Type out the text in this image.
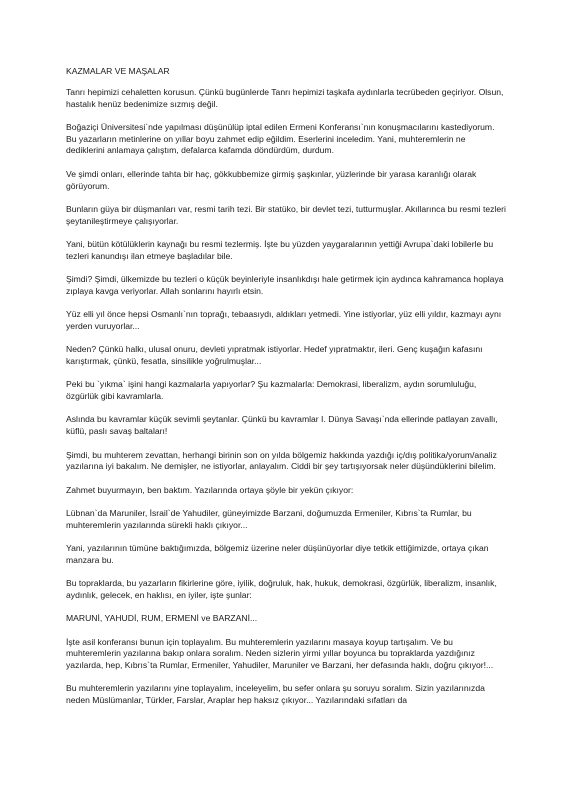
KAZMALAR VE MAŞALAR

Tanrı hepimizi cehaletten korusun. Çünkü bugünlerde Tanrı hepimizi taşkafa aydınlarla tecrübeden geçiriyor. Olsun, hastalık henüz bedenimize sızmış değil.

Boğaziçi Üniversitesi`nde yapılması düşünülüp iptal edilen Ermeni Konferansı`nın konuşmacılarını kastediyorum. Bu yazarların metinlerine on yıllar boyu zahmet edip eğildim. Eserlerini inceledim. Yani, muhteremlerin ne dediklerini anlamaya çalıştım, defalarca kafamda döndürdüm, durdum.

Ve şimdi onları, ellerinde tahta bir haç, gökkubbemize girmiş şaşkınlar, yüzlerinde bir yarasa karanlığı olarak görüyorum.

Bunların güya bir düşmanları var, resmi tarih tezi. Bir statüko, bir devlet tezi, tutturmuşlar. Akıllarınca bu resmi tezleri şeytanileştirmeye çalışıyorlar.

Yani, bütün kötülüklerin kaynağı bu resmi tezlermiş. İşte bu yüzden yaygaralarının yettiği Avrupa`daki lobilerle bu tezleri kanundışı ilan etmeye başladılar bile.

Şimdi? Şimdi, ülkemizde bu tezleri o küçük beyinleriyle insanlıkdışı hale getirmek için aydınca kahramanca hoplaya zıplaya kavga veriyorlar. Allah sonlarını hayırlı etsin.

Yüz elli yıl önce hepsi Osmanlı`nın toprağı, tebaasıydı, aldıkları yetmedi. Yine istiyorlar, yüz elli yıldır, kazmayı aynı yerden vuruyorlar...

Neden? Çünkü halkı, ulusal onuru, devleti yıpratmak istiyorlar. Hedef yıpratmaktır, ileri. Genç kuşağın kafasını karıştırmak, çünkü, fesatla, sinsilikle yoğrulmuşlar...

Peki bu `yıkma` işini hangi kazmalarla yapıyorlar? Şu kazmalarla: Demokrasi, liberalizm, aydın sorumluluğu, özgürlük gibi kavramlarla.

Aslında bu kavramlar küçük sevimli şeytanlar. Çünkü bu kavramlar I. Dünya Savaşı`nda ellerinde patlayan zavallı, küflü, paslı savaş baltaları!

Şimdi, bu muhterem zevattan, herhangi birinin son on yılda bölgemiz hakkında yazdığı iç/dış politika/yorum/analiz yazılarına iyi bakalım. Ne demişler, ne istiyorlar, anlayalım. Ciddi bir şey tartışıyorsak neler düşündüklerini bilelim.

Zahmet buyurmayın, ben baktım. Yazılarında ortaya şöyle bir yekün çıkıyor:

Lübnan`da Maruniler, İsrail`de Yahudiler, güneyimizde Barzani, doğumuzda Ermeniler, Kıbrıs`ta Rumlar, bu muhteremlerin yazılarında sürekli haklı çıkıyor...

Yani, yazılarının tümüne baktığımızda, bölgemiz üzerine neler düşünüyorlar diye tetkik ettiğimizde, ortaya çıkan manzara bu.

Bu topraklarda, bu yazarların fikirlerine göre, iyilik, doğruluk, hak, hukuk, demokrasi, özgürlük, liberalizm, insanlık, aydınlık, gelecek, en haklısı, en iyiler, işte şunlar:

MARUNİ, YAHUDİ, RUM, ERMENİ ve BARZANİ...

İşte asil konferansı bunun için toplayalım. Bu muhteremlerin yazılarını masaya koyup tartışalım. Ve bu muhteremlerin yazılarına bakıp onlara soralım. Neden sizlerin yirmi yıllar boyunca bu topraklarda yazdığınız yazılarda, hep, Kıbrıs`ta Rumlar, Ermeniler, Yahudiler, Maruniler ve Barzani, her defasında haklı, doğru çıkıyor!...

Bu muhteremlerin yazılarını yine toplayalım, inceleyelim, bu sefer onlara şu soruyu soralım. Sizin yazılarınızda neden Müslümanlar, Türkler, Farslar, Araplar hep haksız çıkıyor... Yazılarındaki sıfatları da
